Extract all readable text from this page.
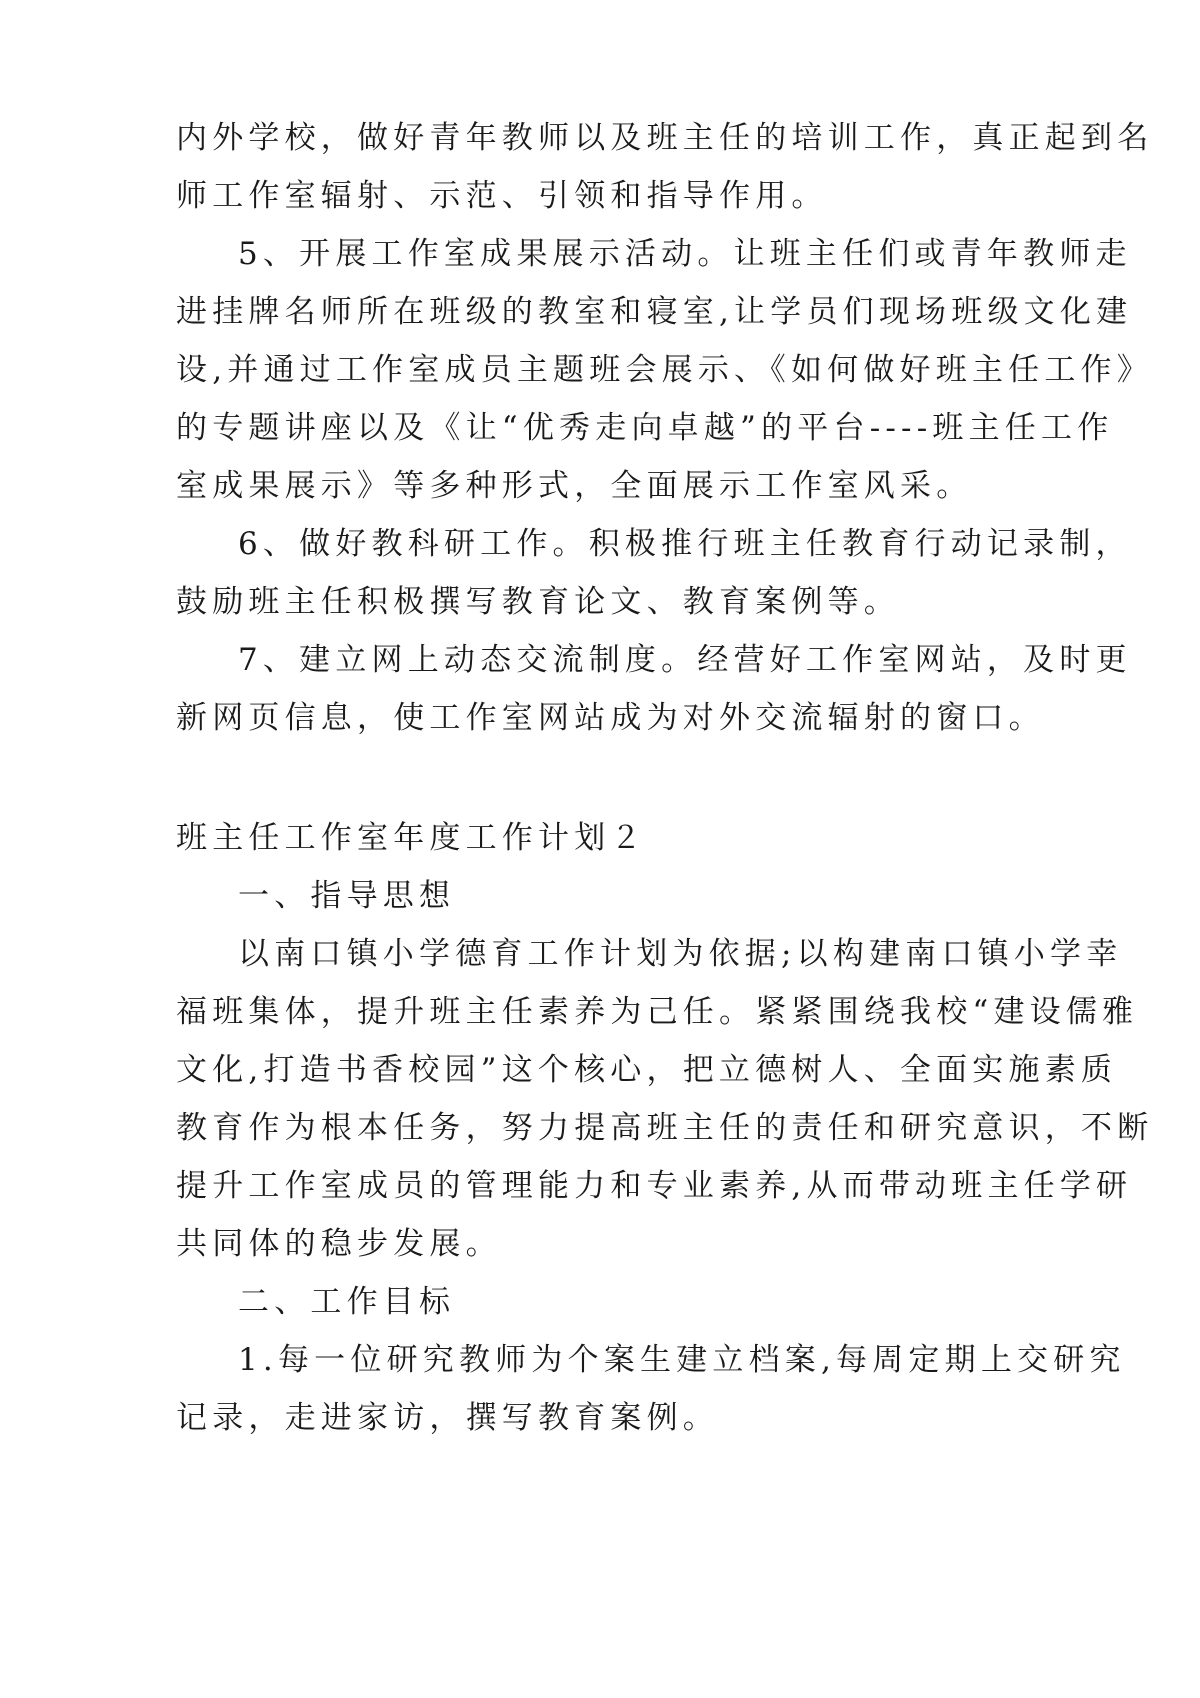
内外学校，做好青年教师以及班主任的培训工作，真正起到名
师工作室辐射、示范、引领和指导作用。
5、开展工作室成果展示活动。让班主任们或青年教师走
进挂牌名师所在班级的教室和寝室,让学员们现场班级文化建
设,并通过工作室成员主题班会展示、《如何做好班主任工作》
的专题讲座以及《让“优秀走向卓越”的平台----班主任工作
室成果展示》等多种形式，全面展示工作室风采。
6、做好教科研工作。积极推行班主任教育行动记录制，
鼓励班主任积极撰写教育论文、教育案例等。
7、建立网上动态交流制度。经营好工作室网站，及时更
新网页信息，使工作室网站成为对外交流辐射的窗口。
班主任工作室年度工作计划２
一、指导思想
以南口镇小学德育工作计划为依据;以构建南口镇小学幸
福班集体，提升班主任素养为己任。紧紧围绕我校“建设儒雅
文化,打造书香校园”这个核心，把立德树人、全面实施素质
教育作为根本任务，努力提高班主任的责任和研究意识，不断
提升工作室成员的管理能力和专业素养,从而带动班主任学研
共同体的稳步发展。
二、工作目标
1.每一位研究教师为个案生建立档案,每周定期上交研究
记录，走进家访，撰写教育案例。
